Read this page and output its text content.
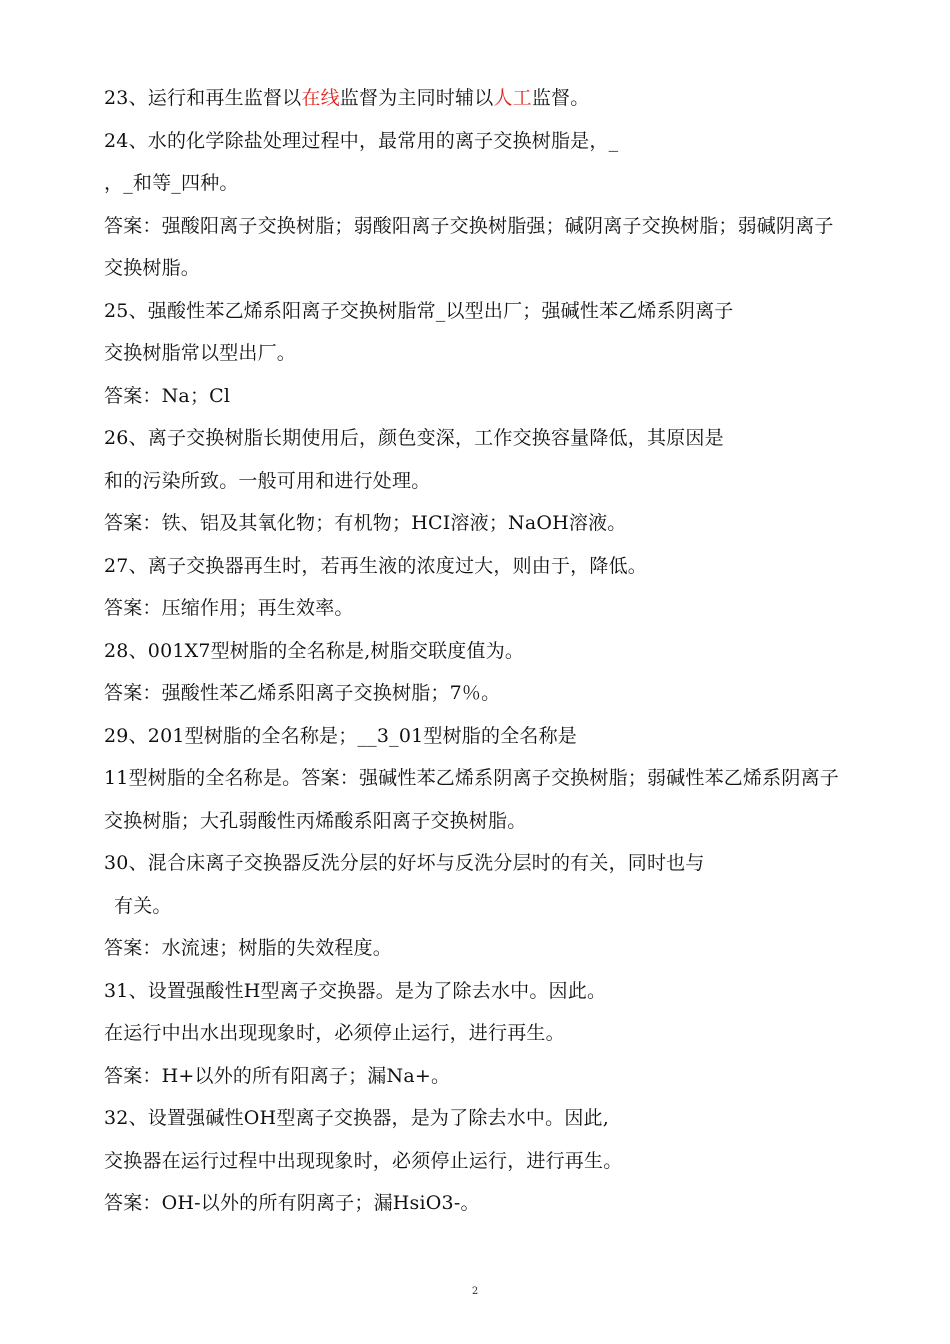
23、运行和再生监督以在线监督为主同时辅以人工监督。
24、水的化学除盐处理过程中，最常用的离子交换树脂是，_
，_和等_四种。
答案：强酸阳离子交换树脂；弱酸阳离子交换树脂强；碱阴离子交换树脂；弱碱阴离子
交换树脂。
25、强酸性苯乙烯系阳离子交换树脂常_以型出厂；强碱性苯乙烯系阴离子
交换树脂常以型出厂。
答案：Na；Cl
26、离子交换树脂长期使用后，颜色变深，工作交换容量降低，其原因是
和的污染所致。一般可用和进行处理。
答案：铁、铝及其氧化物；有机物；HCI溶液；NaOH溶液。
27、离子交换器再生时，若再生液的浓度过大，则由于，降低。
答案：压缩作用；再生效率。
28、001X7型树脂的全名称是,树脂交联度值为。
答案：强酸性苯乙烯系阳离子交换树脂；7％。
29、201型树脂的全名称是；__3_01型树脂的全名称是
11型树脂的全名称是。答案：强碱性苯乙烯系阴离子交换树脂；弱碱性苯乙烯系阴离子
交换树脂；大孔弱酸性丙烯酸系阳离子交换树脂。
30、混合床离子交换器反洗分层的好坏与反洗分层时的有关，同时也与
有关。
答案：水流速；树脂的失效程度。
31、设置强酸性H型离子交换器。是为了除去水中。因此。
在运行中出水出现现象时，必须停止运行，进行再生。
答案：H+以外的所有阳离子；漏Na+。
32、设置强碱性OH型离子交换器，是为了除去水中。因此,
交换器在运行过程中出现现象时，必须停止运行，进行再生。
答案：OH-以外的所有阴离子；漏HsiO3-。
2
